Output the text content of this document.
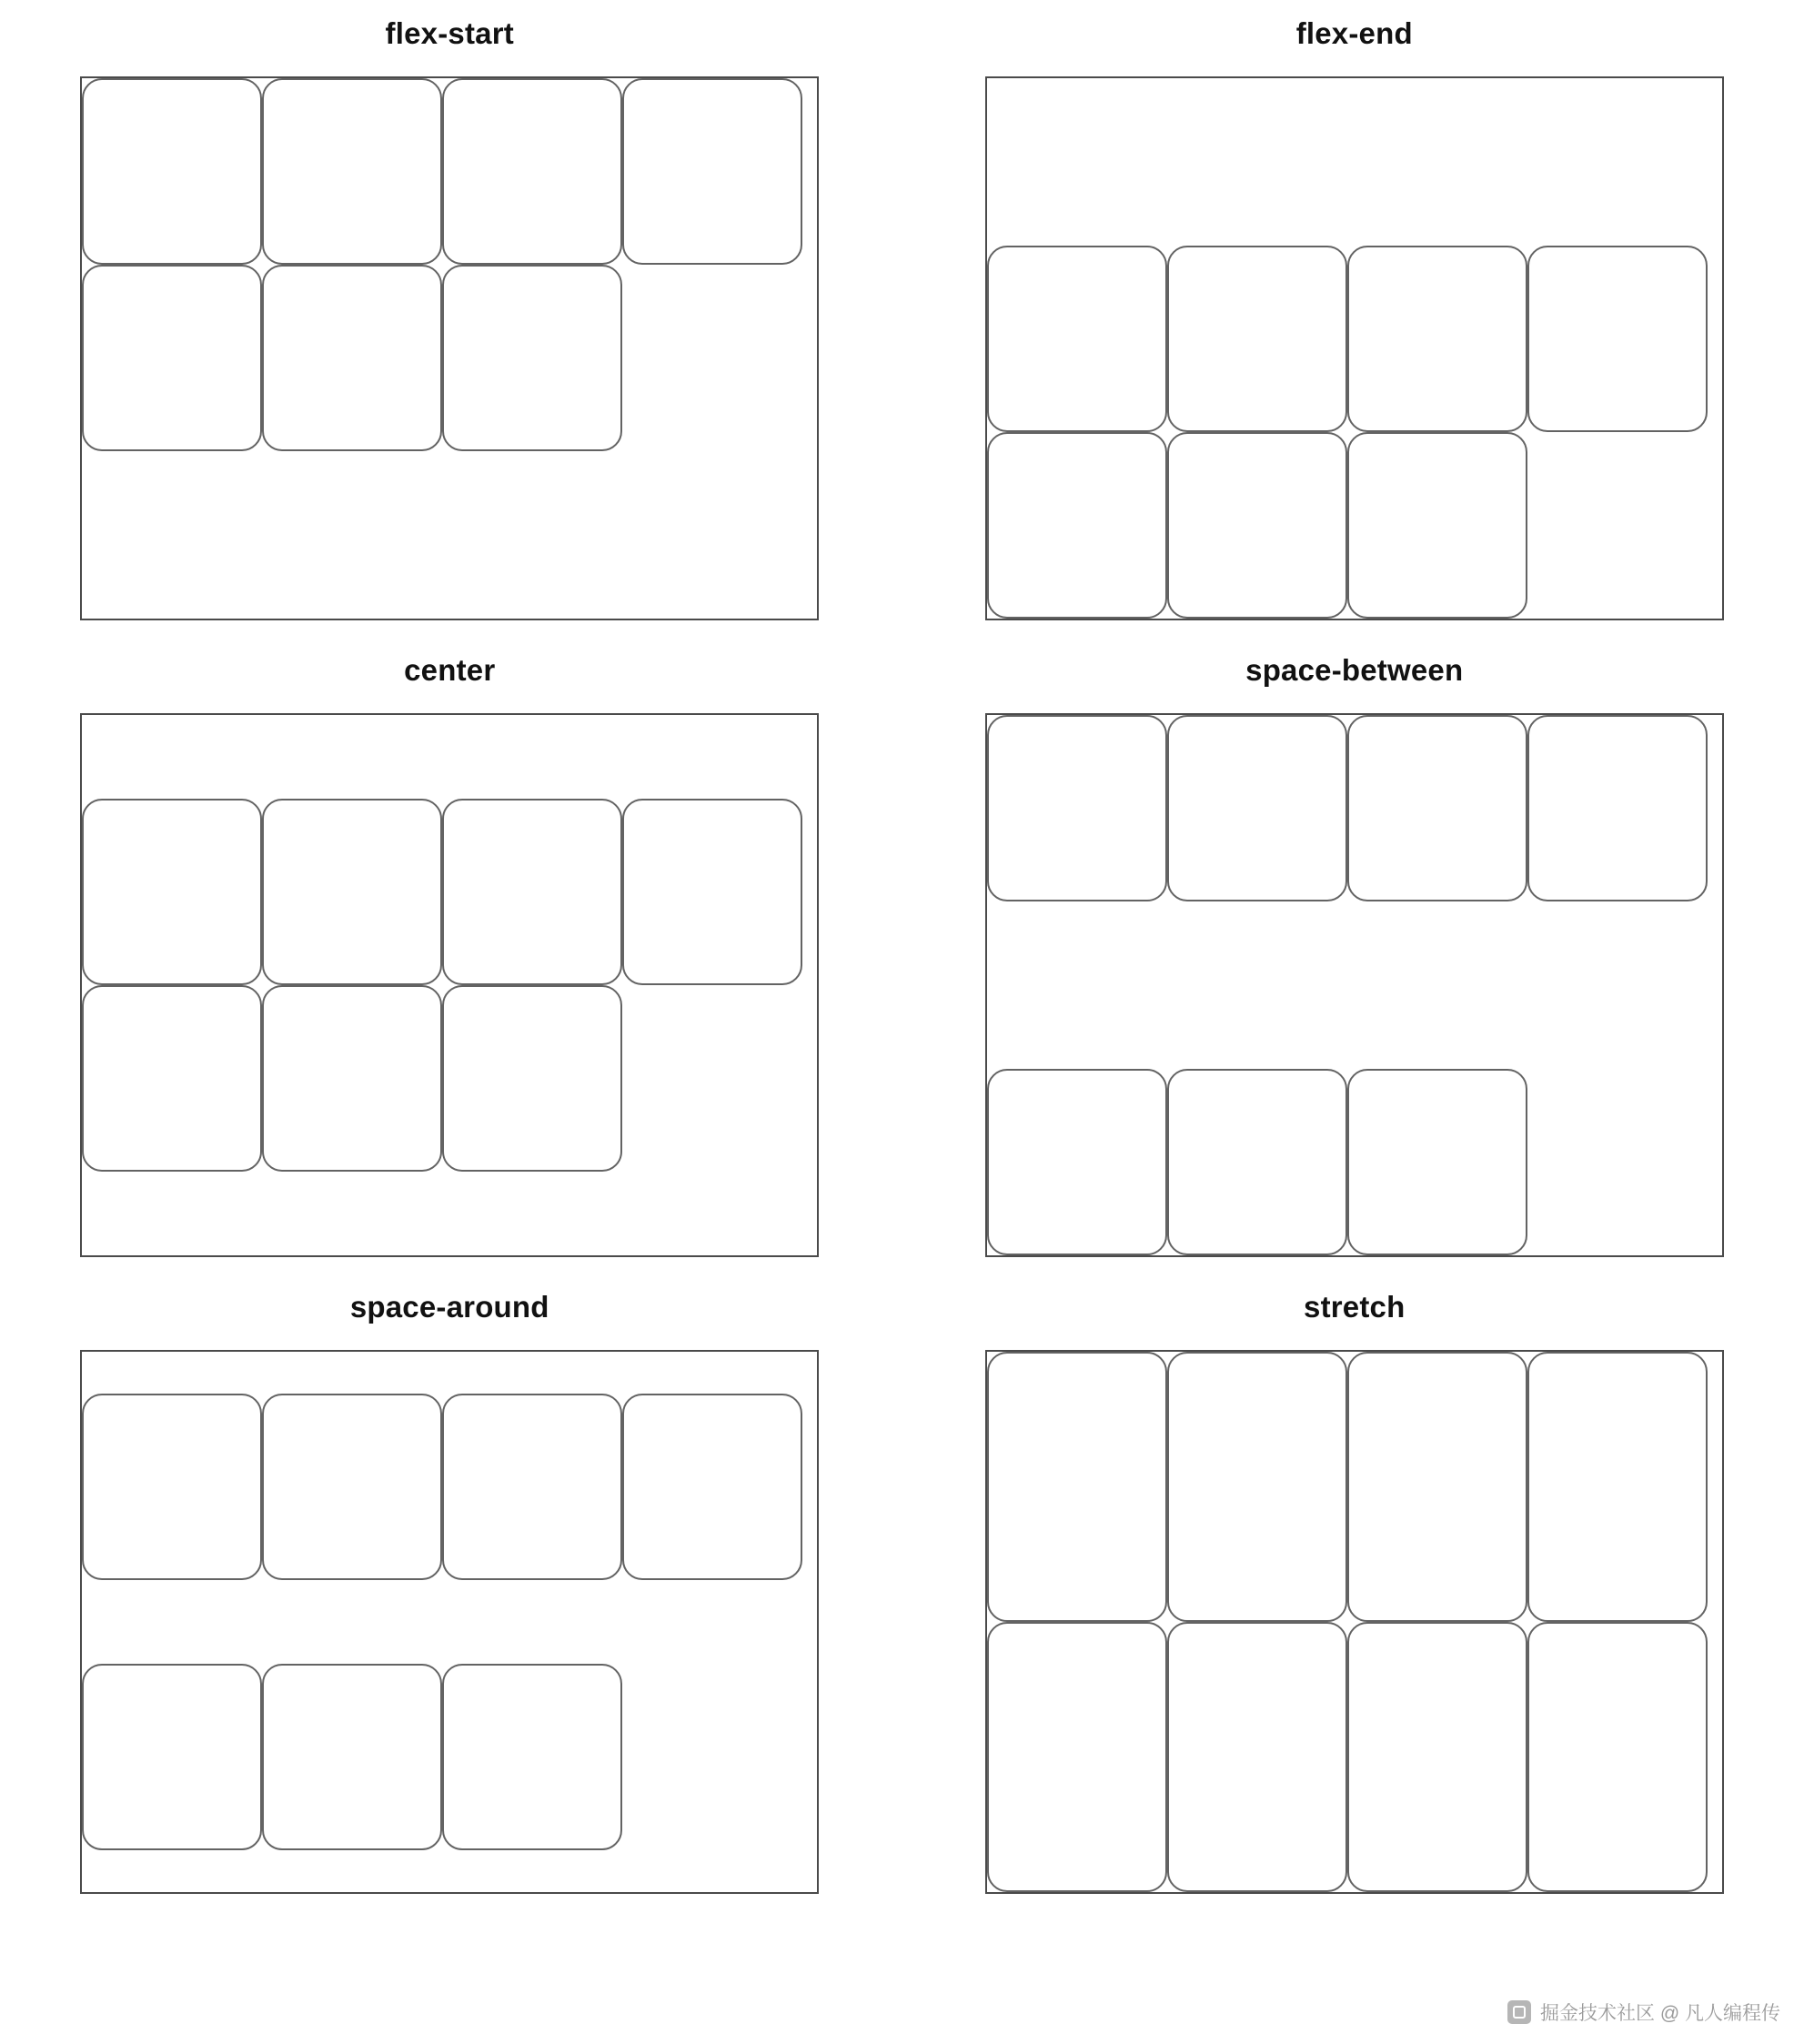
flex-start	flex-end
center	space-between
space-around	stretch
掘金技术社区 @ 凡人编程传
